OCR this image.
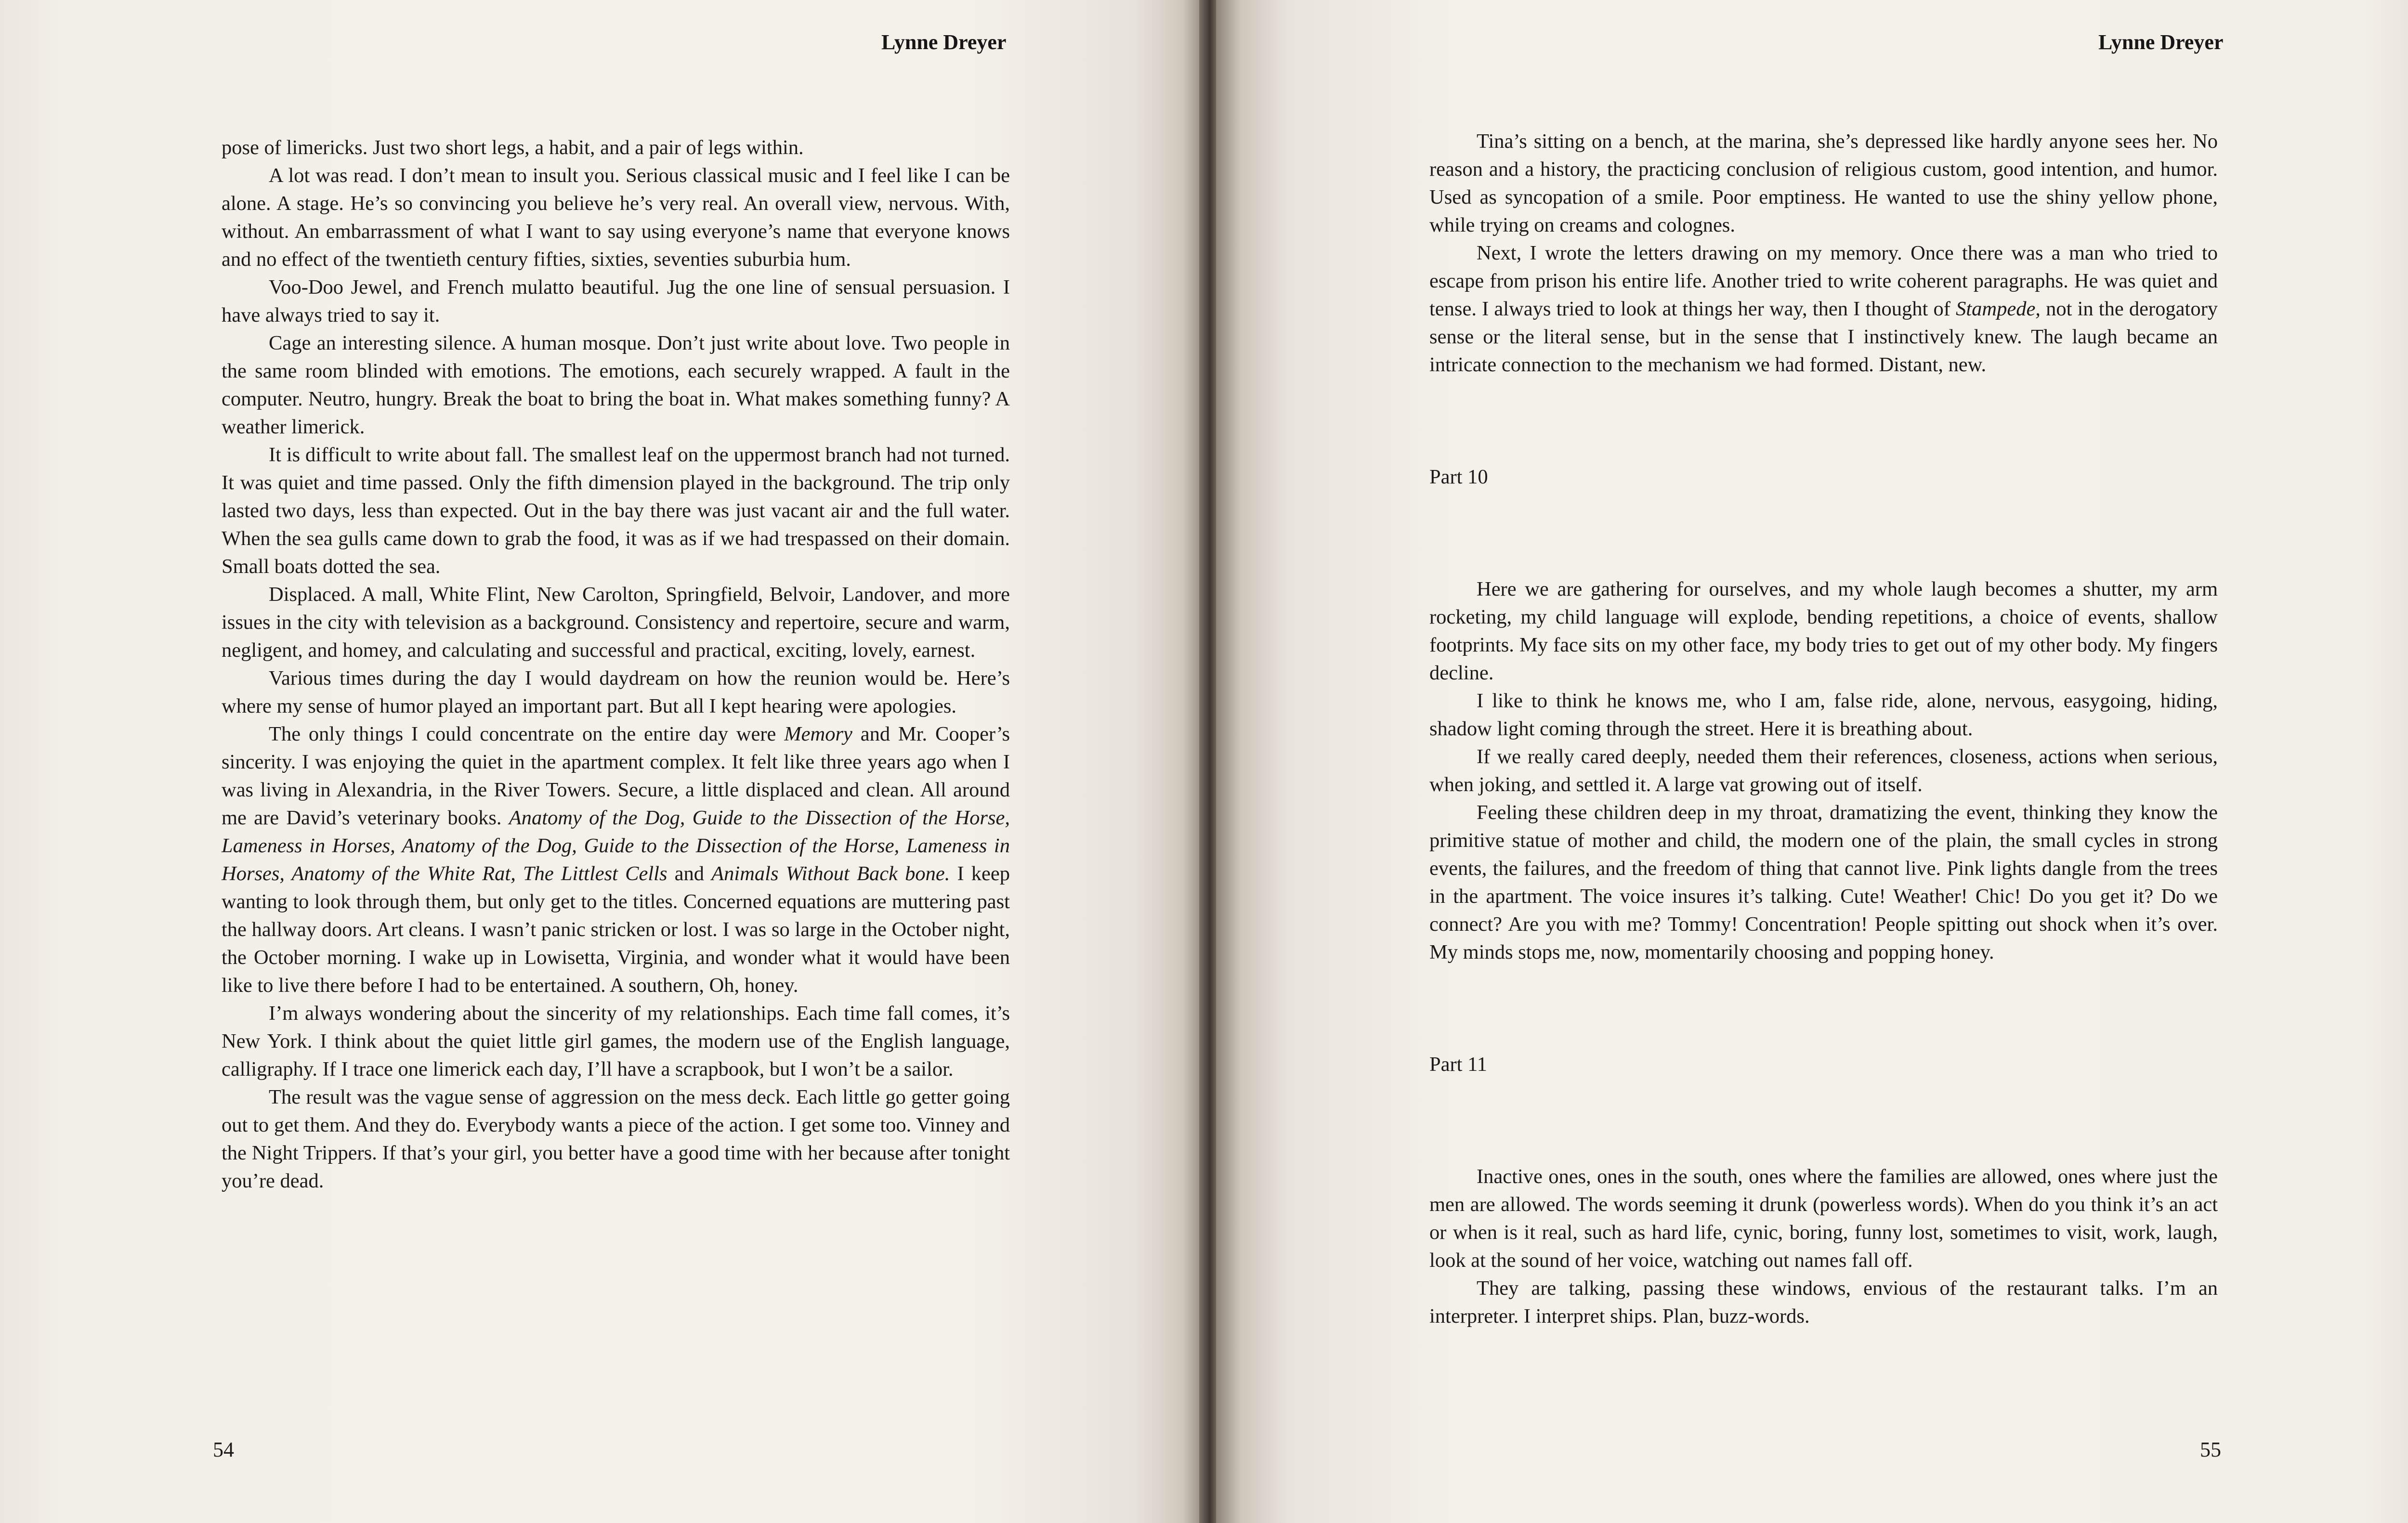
Lynne Dreyer

pose of limericks. Just two short legs, a habit, and a pair of legs within.

A lot was read. I don’t mean to insult you. Serious classical music and I feel like I can be alone. A stage. He’s so convincing you believe he’s very real. An overall view, nervous. With, without. An embarrassment of what I want to say using everyone’s name that everyone knows and no effect of the twentieth century fifties, sixties, seventies suburbia hum.

Voo-Doo Jewel, and French mulatto beautiful. Jug the one line of sensual persuasion. I have always tried to say it.

Cage an interesting silence. A human mosque. Don’t just write about love. Two people in the same room blinded with emotions. The emotions, each securely wrapped. A fault in the computer. Neutro, hungry. Break the boat to bring the boat in. What makes something funny? A weather limerick.

It is difficult to write about fall. The smallest leaf on the uppermost branch had not turned. It was quiet and time passed. Only the fifth dimension played in the background. The trip only lasted two days, less than expected. Out in the bay there was just vacant air and the full water. When the sea gulls came down to grab the food, it was as if we had trespassed on their domain. Small boats dotted the sea.

Displaced. A mall, White Flint, New Carolton, Springfield, Belvoir, Landover, and more issues in the city with television as a background. Consistency and repertoire, secure and warm, negligent, and homey, and calculating and successful and practical, exciting, lovely, earnest.

Various times during the day I would daydream on how the reunion would be. Here’s where my sense of humor played an important part. But all I kept hearing were apologies.

The only things I could concentrate on the entire day were Memory and Mr. Cooper’s sincerity. I was enjoying the quiet in the apartment complex. It felt like three years ago when I was living in Alexandria, in the River Towers. Secure, a little displaced and clean. All around me are David’s veterinary books. Anatomy of the Dog, Guide to the Dissection of the Horse, Lameness in Horses, Anatomy of the Dog, Guide to the Dissection of the Horse, Lameness in Horses, Anatomy of the White Rat, The Littlest Cells and Animals Without Back bone. I keep wanting to look through them, but only get to the titles. Concerned equations are muttering past the hallway doors. Art cleans. I wasn’t panic stricken or lost. I was so large in the October night, the October morning. I wake up in Lowisetta, Virginia, and wonder what it would have been like to live there before I had to be entertained. A southern, Oh, honey.

I’m always wondering about the sincerity of my relationships. Each time fall comes, it’s New York. I think about the quiet little girl games, the modern use of the English language, calligraphy. If I trace one limerick each day, I’ll have a scrapbook, but I won’t be a sailor.

The result was the vague sense of aggression on the mess deck. Each little go getter going out to get them. And they do. Everybody wants a piece of the action. I get some too. Vinney and the Night Trippers. If that’s your girl, you better have a good time with her because after tonight you’re dead.

54
Lynne Dreyer

Tina’s sitting on a bench, at the marina, she’s depressed like hardly anyone sees her. No reason and a history, the practicing conclusion of religious custom, good intention, and humor. Used as syncopation of a smile. Poor emptiness. He wanted to use the shiny yellow phone, while trying on creams and colognes.

Next, I wrote the letters drawing on my memory. Once there was a man who tried to escape from prison his entire life. Another tried to write coherent paragraphs. He was quiet and tense. I always tried to look at things her way, then I thought of Stampede, not in the derogatory sense or the literal sense, but in the sense that I instinctively knew. The laugh became an intricate connection to the mechanism we had formed. Distant, new.

Part 10

Here we are gathering for ourselves, and my whole laugh becomes a shutter, my arm rocketing, my child language will explode, bending repetitions, a choice of events, shallow footprints. My face sits on my other face, my body tries to get out of my other body. My fingers decline.

I like to think he knows me, who I am, false ride, alone, nervous, easygoing, hiding, shadow light coming through the street. Here it is breathing about.

If we really cared deeply, needed them their references, closeness, actions when serious, when joking, and settled it. A large vat growing out of itself.

Feeling these children deep in my throat, dramatizing the event, thinking they know the primitive statue of mother and child, the modern one of the plain, the small cycles in strong events, the failures, and the freedom of thing that cannot live. Pink lights dangle from the trees in the apartment. The voice insures it’s talking. Cute! Weather! Chic! Do you get it? Do we connect? Are you with me? Tommy! Concentration! People spitting out shock when it’s over. My minds stops me, now, momentarily choosing and popping honey.

Part 11

Inactive ones, ones in the south, ones where the families are allowed, ones where just the men are allowed. The words seeming it drunk (powerless words). When do you think it’s an act or when is it real, such as hard life, cynic, boring, funny lost, sometimes to visit, work, laugh, look at the sound of her voice, watching out names fall off.

They are talking, passing these windows, envious of the restaurant talks. I’m an interpreter. I interpret ships. Plan, buzz-words.

55
